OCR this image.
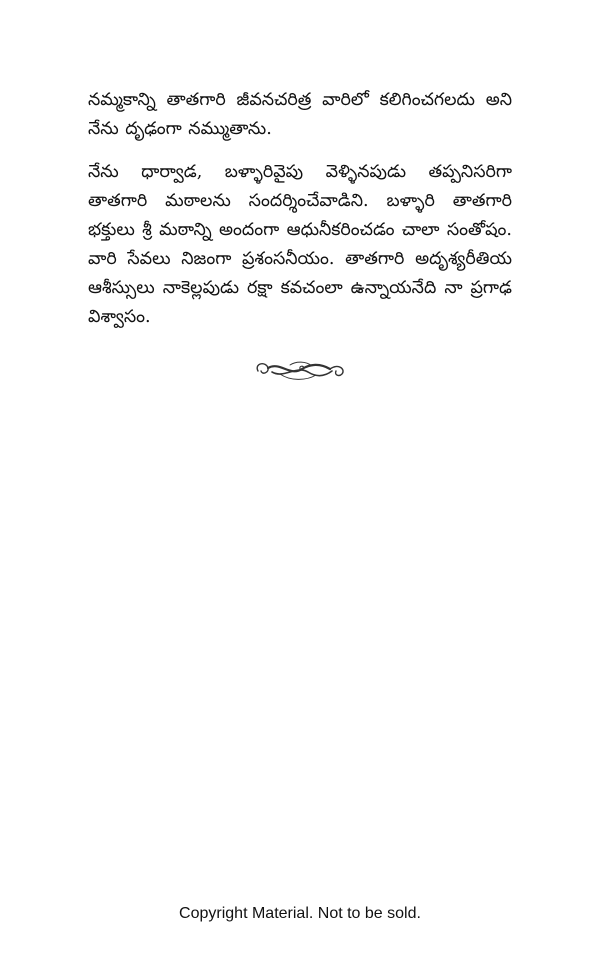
నమ్మకాన్ని తాతగారి జీవనచరిత్ర వారిలో కలిగించగలదు అని నేను దృఢంగా నమ్ముతాను.

నేను ధార్వాడ, బళ్ళారివైపు వెళ్ళినపుడు తప్పనిసరిగా తాతగారి మఠాలను సందర్శించేవాడిని. బళ్ళారి తాతగారి భక్తులు శ్రీ మఠాన్ని అందంగా ఆధునీకరించడం చాలా సంతోషం. వారి సేవలు నిజంగా ప్రశంసనీయం. తాతగారి అదృశ్యరీతియ ఆశీస్సులు నాకెల్లపుడు రక్షా కవచంలా ఉన్నాయనేది నా ప్రగాఢ విశ్వాసం.

Copyright Material. Not to be sold.
